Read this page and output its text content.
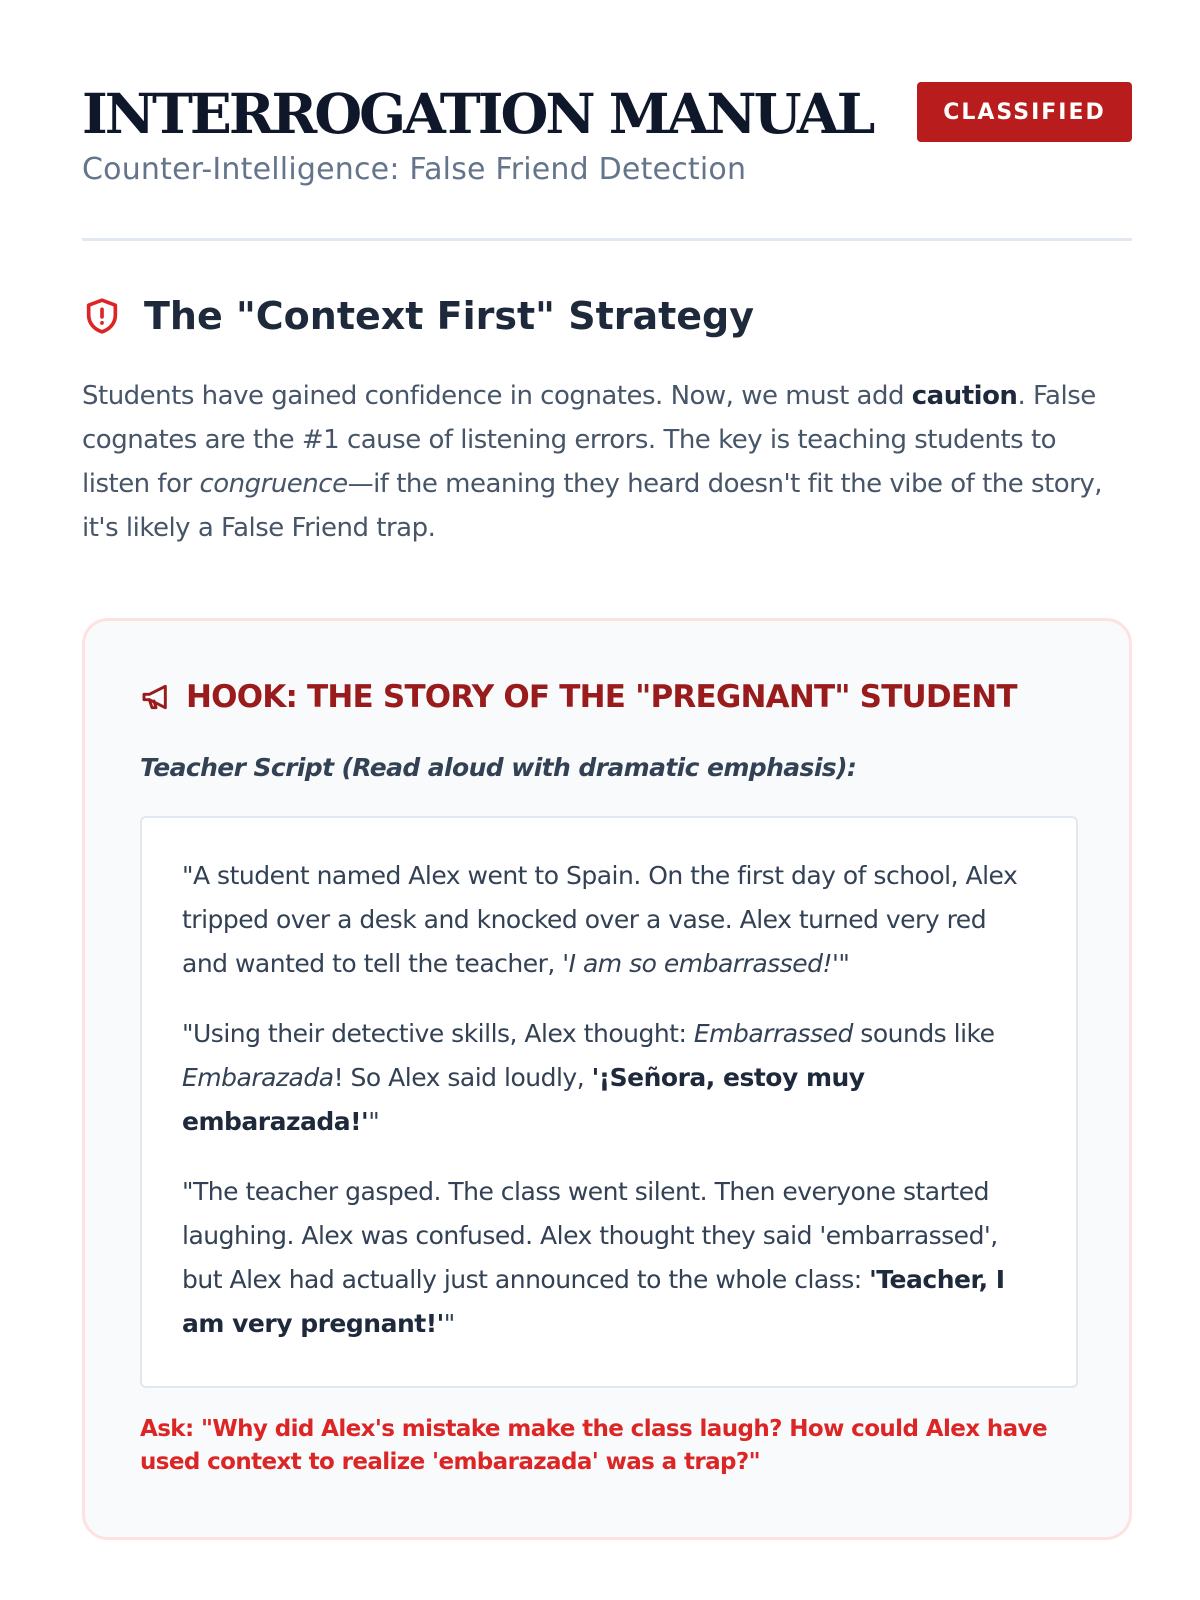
INTERROGATION MANUAL
Counter-Intelligence: False Friend Detection
CLASSIFIED
The "Context First" Strategy

Students have gained confidence in cognates. Now, we must add caution. False cognates are the #1 cause of listening errors. The key is teaching students to listen for congruence—if the meaning they heard doesn't fit the vibe of the story, it's likely a False Friend trap.

HOOK: THE STORY OF THE "PREGNANT" STUDENT
Teacher Script (Read aloud with dramatic emphasis):

"A student named Alex went to Spain. On the first day of school, Alex tripped over a desk and knocked over a vase. Alex turned very red and wanted to tell the teacher, 'I am so embarrassed!'"

"Using their detective skills, Alex thought: Embarrassed sounds like Embarazada! So Alex said loudly, '¡Señora, estoy muy embarazada!'"

"The teacher gasped. The class went silent. Then everyone started laughing. Alex was confused. Alex thought they said 'embarrassed', but Alex had actually just announced to the whole class: 'Teacher, I am very pregnant!'"

Ask: "Why did Alex's mistake make the class laugh? How could Alex have used context to realize 'embarazada' was a trap?"
